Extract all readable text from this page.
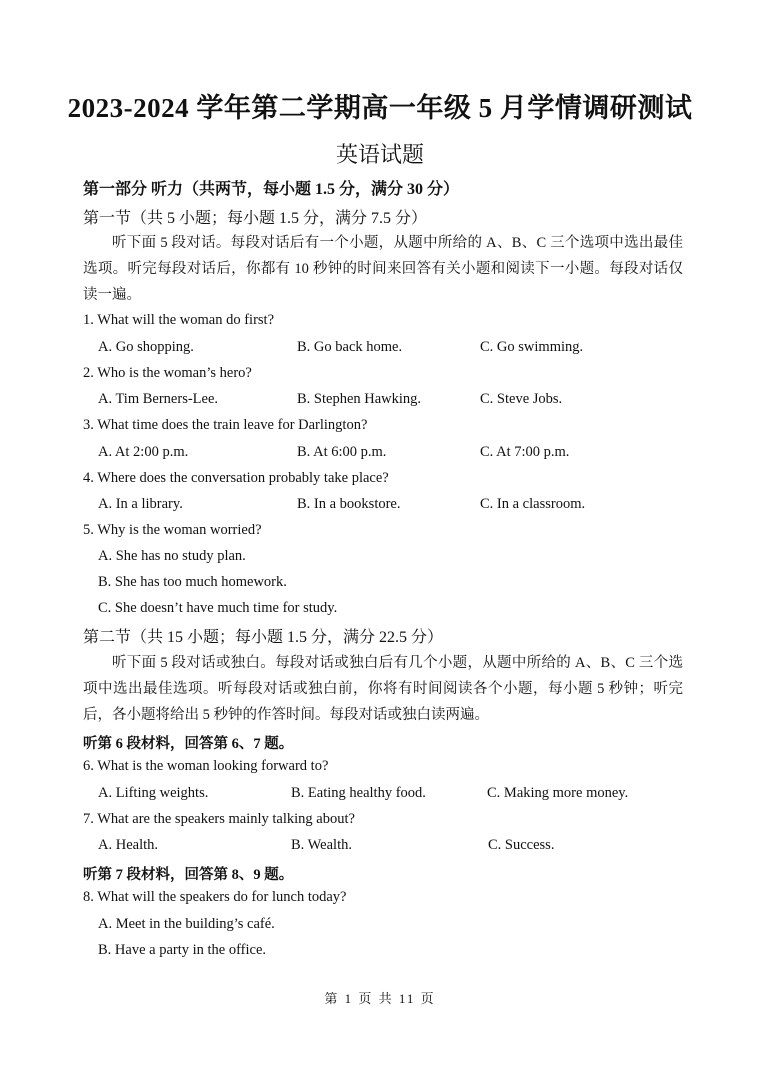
2023-2024 学年第二学期高一年级 5 月学情调研测试
英语试题
第一部分 听力（共两节，每小题 1.5 分，满分 30 分）
第一节（共 5 小题；每小题 1.5 分，满分 7.5 分）
听下面 5 段对话。每段对话后有一个小题，从题中所给的 A、B、C 三个选项中选出最佳选项。听完每段对话后，你都有 10 秒钟的时间来回答有关小题和阅读下一小题。每段对话仅读一遍。
1. What will the woman do first?
A. Go shopping.	B. Go back home.	C. Go swimming.
2. Who is the woman’s hero?
A. Tim Berners-Lee.	B. Stephen Hawking.	C. Steve Jobs.
3. What time does the train leave for Darlington?
A. At 2:00 p.m.	B. At 6:00 p.m.	C. At 7:00 p.m.
4. Where does the conversation probably take place?
A. In a library.	B. In a bookstore.	C. In a classroom.
5. Why is the woman worried?
A. She has no study plan.
B. She has too much homework.
C. She doesn’t have much time for study.
第二节（共 15 小题；每小题 1.5 分，满分 22.5 分）
听下面 5 段对话或独白。每段对话或独白后有几个小题，从题中所给的 A、B、C 三个选项中选出最佳选项。听每段对话或独白前，你将有时间阅读各个小题，每小题 5 秒钟；听完后，各小题将给出 5 秒钟的作答时间。每段对话或独白读两遍。
听第 6 段材料，回答第 6、7 题。
6. What is the woman looking forward to?
A. Lifting weights.	B. Eating healthy food.	C. Making more money.
7. What are the speakers mainly talking about?
A. Health.	B. Wealth.	C. Success.
听第 7 段材料，回答第 8、9 题。
8. What will the speakers do for lunch today?
A. Meet in the building’s café.
B. Have a party in the office.
第 1 页 共 11 页
